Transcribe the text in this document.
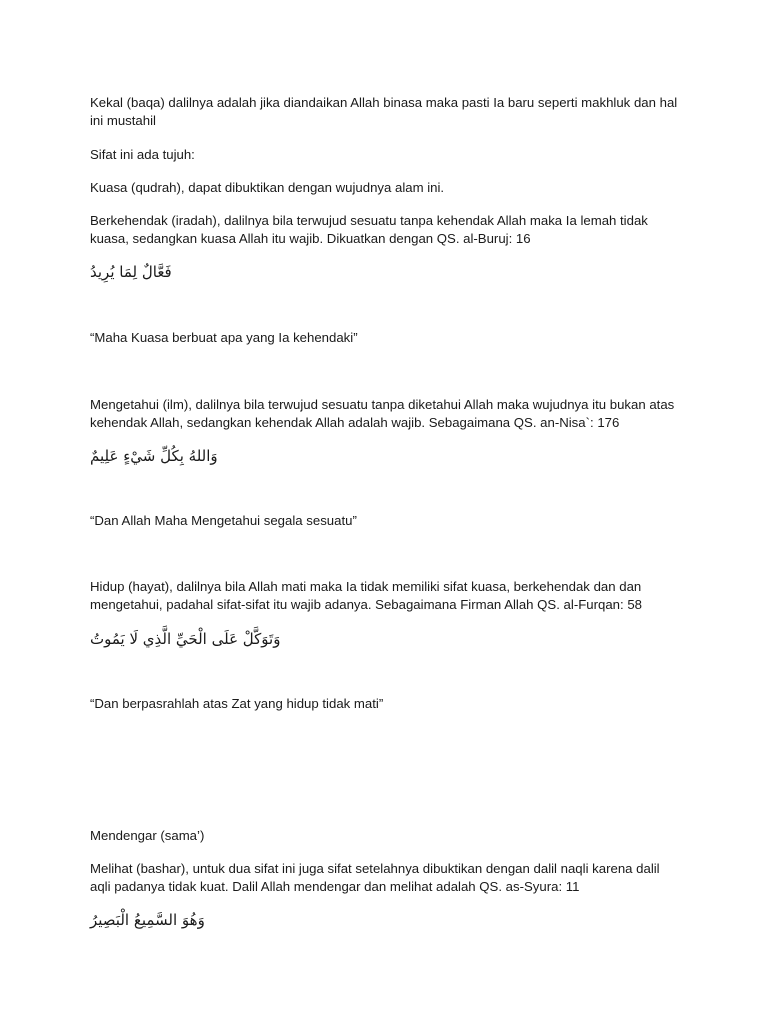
Kekal (baqa) dalilnya adalah jika diandaikan Allah binasa maka pasti Ia baru seperti makhluk dan hal ini mustahil

Sifat ini ada tujuh:

Kuasa (qudrah), dapat dibuktikan dengan wujudnya alam ini.

Berkehendak (iradah), dalilnya bila terwujud sesuatu tanpa kehendak Allah maka Ia lemah tidak kuasa, sedangkan kuasa Allah itu wajib. Dikuatkan dengan QS. al-Buruj: 16

فَعَّالٌ لِمَا يُرِيدُ

“Maha Kuasa berbuat apa yang Ia kehendaki”

Mengetahui (ilm), dalilnya bila terwujud sesuatu tanpa diketahui Allah maka wujudnya itu bukan atas kehendak Allah, sedangkan kehendak Allah adalah wajib. Sebagaimana QS. an-Nisa`: 176

وَاللهُ بِكُلِّ شَيْءٍ عَلِيمٌ

“Dan Allah Maha Mengetahui segala sesuatu”

Hidup (hayat), dalilnya bila Allah mati maka Ia tidak memiliki sifat kuasa, berkehendak dan dan mengetahui, padahal sifat-sifat itu wajib adanya. Sebagaimana Firman Allah QS. al-Furqan: 58

وَتَوَكَّلْ عَلَى الْحَيِّ الَّذِي لَا يَمُوتُ

“Dan berpasrahlah atas Zat yang hidup tidak mati”

Mendengar (sama’)

Melihat (bashar), untuk dua sifat ini juga sifat setelahnya dibuktikan dengan dalil naqli karena dalil aqli padanya tidak kuat. Dalil Allah mendengar dan melihat adalah QS. as-Syura: 11

وَهُوَ السَّمِيعُ الْبَصِيرُ
